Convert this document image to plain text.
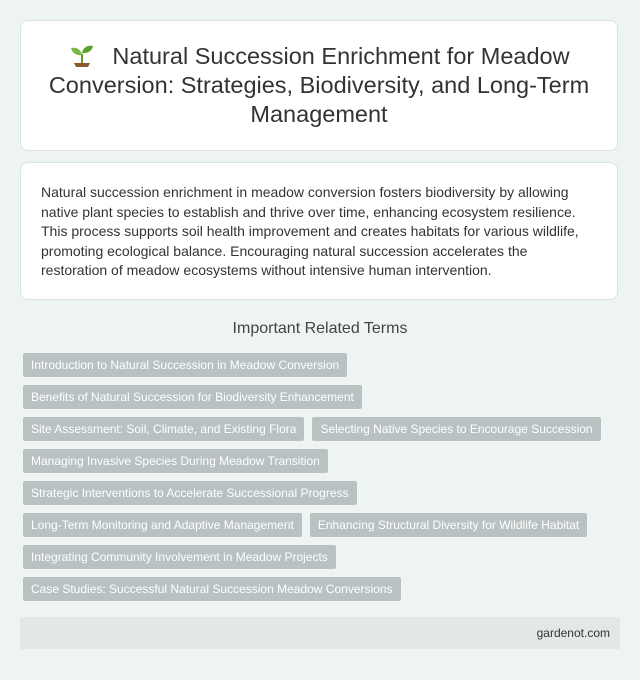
Natural Succession Enrichment for Meadow Conversion: Strategies, Biodiversity, and Long-Term Management

Natural succession enrichment in meadow conversion fosters biodiversity by allowing native plant species to establish and thrive over time, enhancing ecosystem resilience. This process supports soil health improvement and creates habitats for various wildlife, promoting ecological balance. Encouraging natural succession accelerates the restoration of meadow ecosystems without intensive human intervention.

Important Related Terms
Introduction to Natural Succession in Meadow Conversion
Benefits of Natural Succession for Biodiversity Enhancement
Site Assessment: Soil, Climate, and Existing Flora	Selecting Native Species to Encourage Succession
Managing Invasive Species During Meadow Transition
Strategic Interventions to Accelerate Successional Progress
Long-Term Monitoring and Adaptive Management	Enhancing Structural Diversity for Wildlife Habitat
Integrating Community Involvement in Meadow Projects
Case Studies: Successful Natural Succession Meadow Conversions
gardenot.com
